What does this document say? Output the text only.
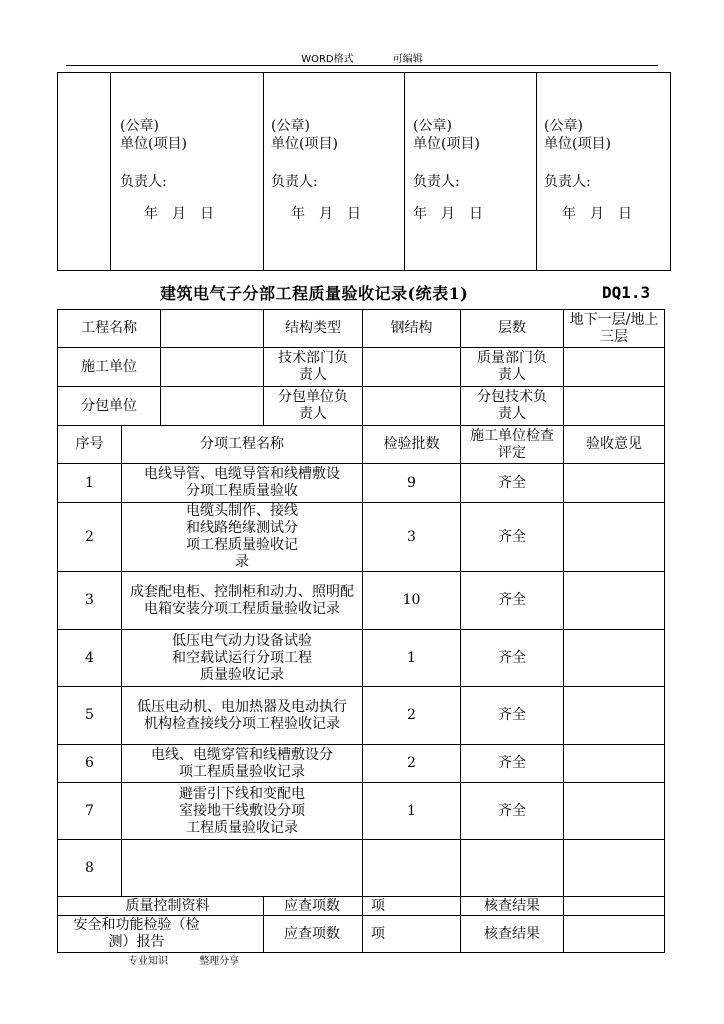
WORD格式	可编辑
(公章)
单位(项目)
负责人:
年　月　日
(公章)
单位(项目)
负责人:
年　月　日
(公章)
单位(项目)
负责人:
年　月　日
(公章)
单位(项目)
负责人:
年　月　日
建筑电气子分部工程质量验收记录(统表1)	DQ1.3
工程名称			结构类型	钢结构	层数	地下一层/地上三层
施工单位			技术部门负责人		质量部门负责人	
分包单位			分包单位负责人		分包技术负责人	
序号	分项工程名称			检验批数	施工单位检查评定	验收意见
1	电线导管、电缆导管和线槽敷设分项工程质量验收			9	齐全	
2	电缆头制作、接线和线路绝缘测试分项工程质量验收记录			3	齐全	
3	成套配电柜、控制柜和动力、照明配电箱安装分项工程质量验收记录			10	齐全	
4	低压电气动力设备试验和空载试运行分项工程质量验收记录			1	齐全	
5	低压电动机、电加热器及电动执行机构检查接线分项工程验收记录			2	齐全	
6	电线、电缆穿管和线槽敷设分项工程质量验收记录			2	齐全	
7	避雷引下线和变配电室接地干线敷设分项工程质量验收记录			1	齐全	
8						
质量控制资料			应查项数	项	核查结果	
安全和功能检验（检测）报告			应查项数	项	核查结果	
专业知识	整理分享
